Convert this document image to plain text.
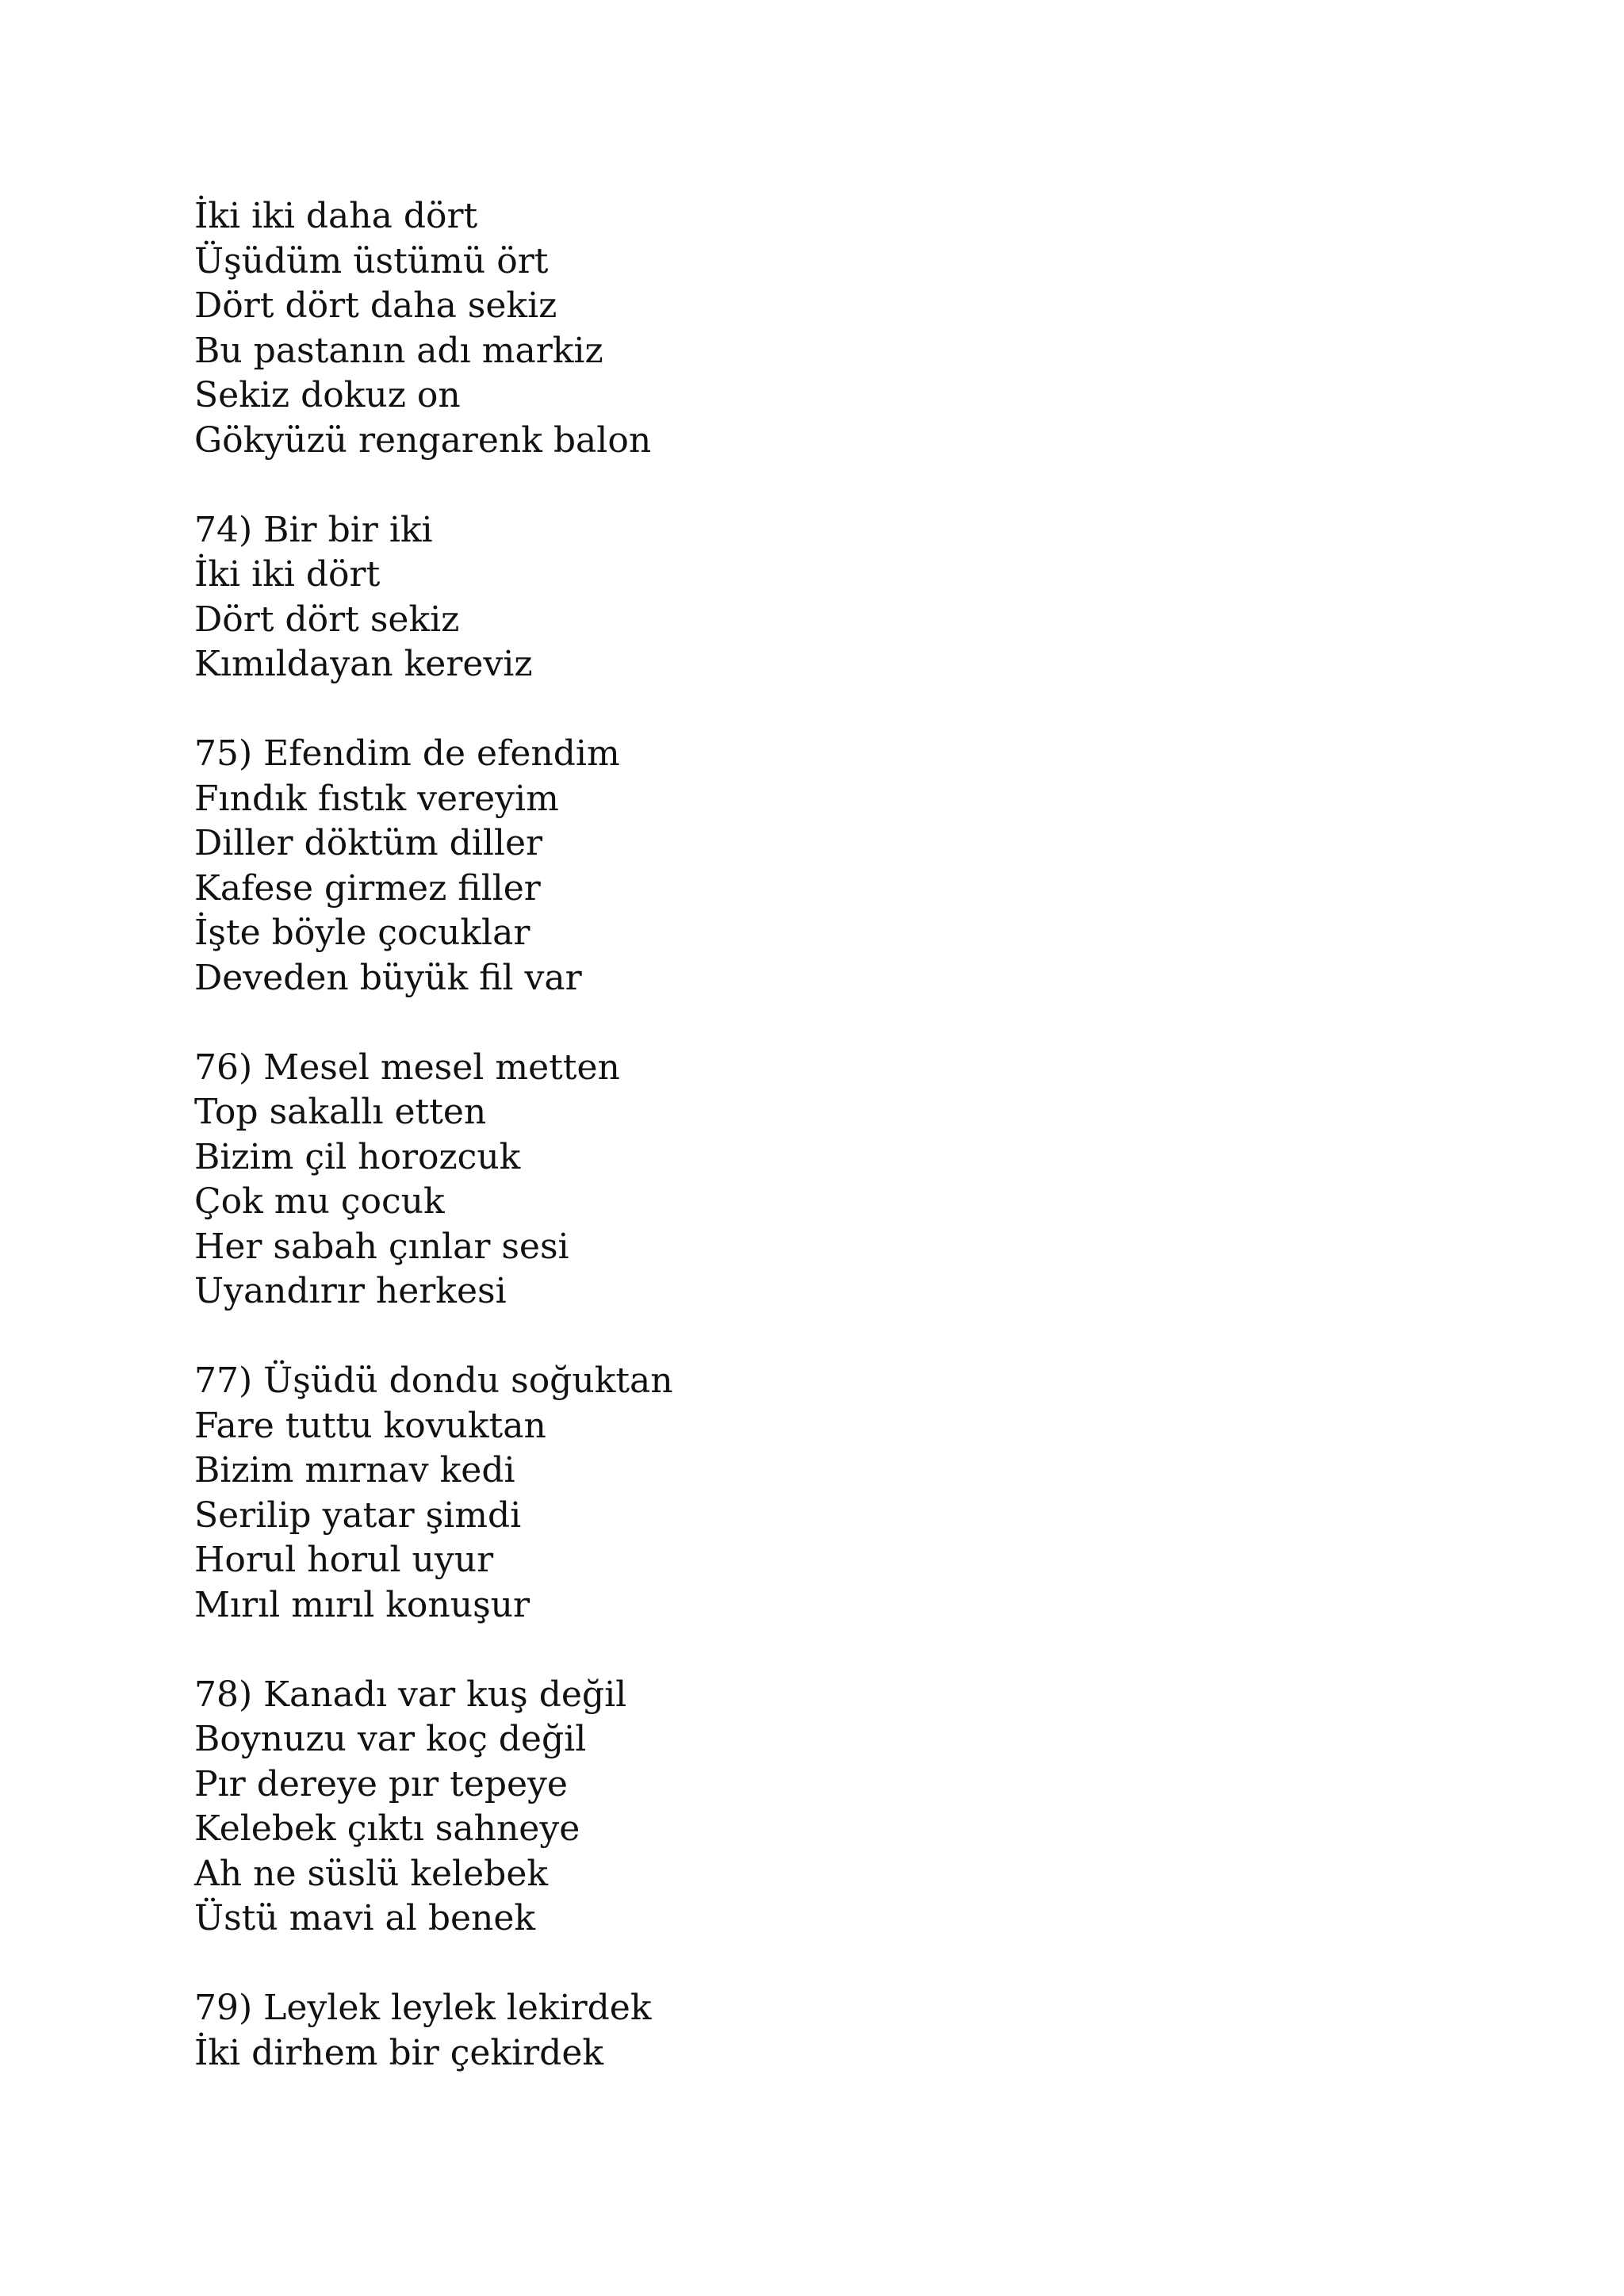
İki iki daha dört
Üşüdüm üstümü ört
Dört dört daha sekiz
Bu pastanın adı markiz
Sekiz dokuz on
Gökyüzü rengarenk balon
74) Bir bir iki
İki iki dört
Dört dört sekiz
Kımıldayan kereviz
75) Efendim de efendim
Fındık fıstık vereyim
Diller döktüm diller
Kafese girmez filler
İşte böyle çocuklar
Deveden büyük fil var
76) Mesel mesel metten
Top sakallı etten
Bizim çil horozcuk
Çok mu çocuk
Her sabah çınlar sesi
Uyandırır herkesi
77) Üşüdü dondu soğuktan
Fare tuttu kovuktan
Bizim mırnav kedi
Serilip yatar şimdi
Horul horul uyur
Mırıl mırıl konuşur
78) Kanadı var kuş değil
Boynuzu var koç değil
Pır dereye pır tepeye
Kelebek çıktı sahneye
Ah ne süslü kelebek
Üstü mavi al benek
79) Leylek leylek lekirdek
İki dirhem bir çekirdek
